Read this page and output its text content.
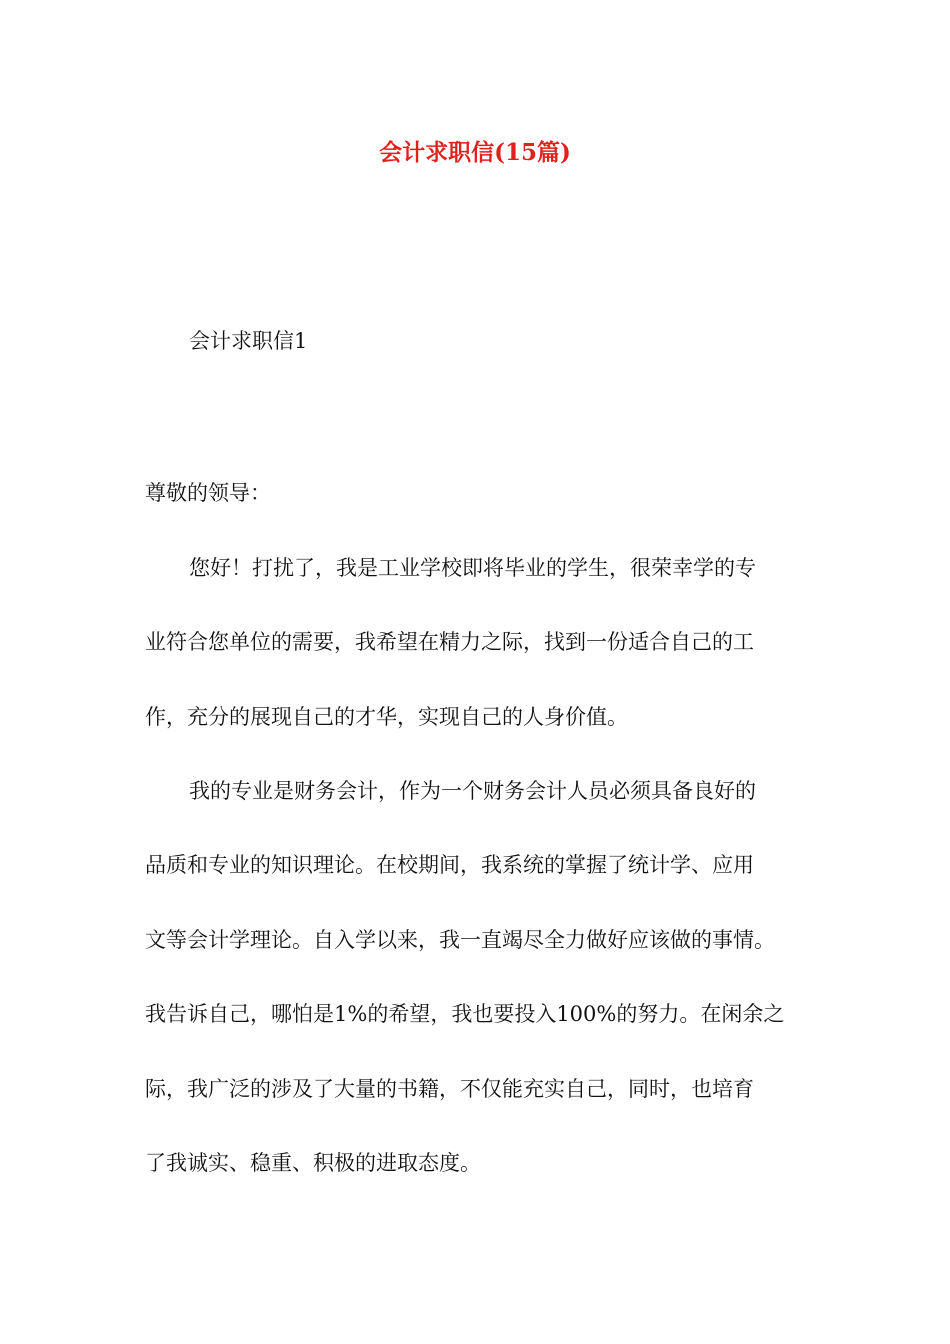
会计求职信(15篇)
会计求职信1
尊敬的领导：
您好！打扰了，我是工业学校即将毕业的学生，很荣幸学的专
业符合您单位的需要，我希望在精力之际，找到一份适合自己的工
作，充分的展现自己的才华，实现自己的人身价值。
我的专业是财务会计，作为一个财务会计人员必须具备良好的
品质和专业的知识理论。在校期间，我系统的掌握了统计学、应用
文等会计学理论。自入学以来，我一直竭尽全力做好应该做的事情。
我告诉自己，哪怕是1%的希望，我也要投入100%的努力。在闲余之
际，我广泛的涉及了大量的书籍，不仅能充实自己，同时，也培育
了我诚实、稳重、积极的进取态度。
